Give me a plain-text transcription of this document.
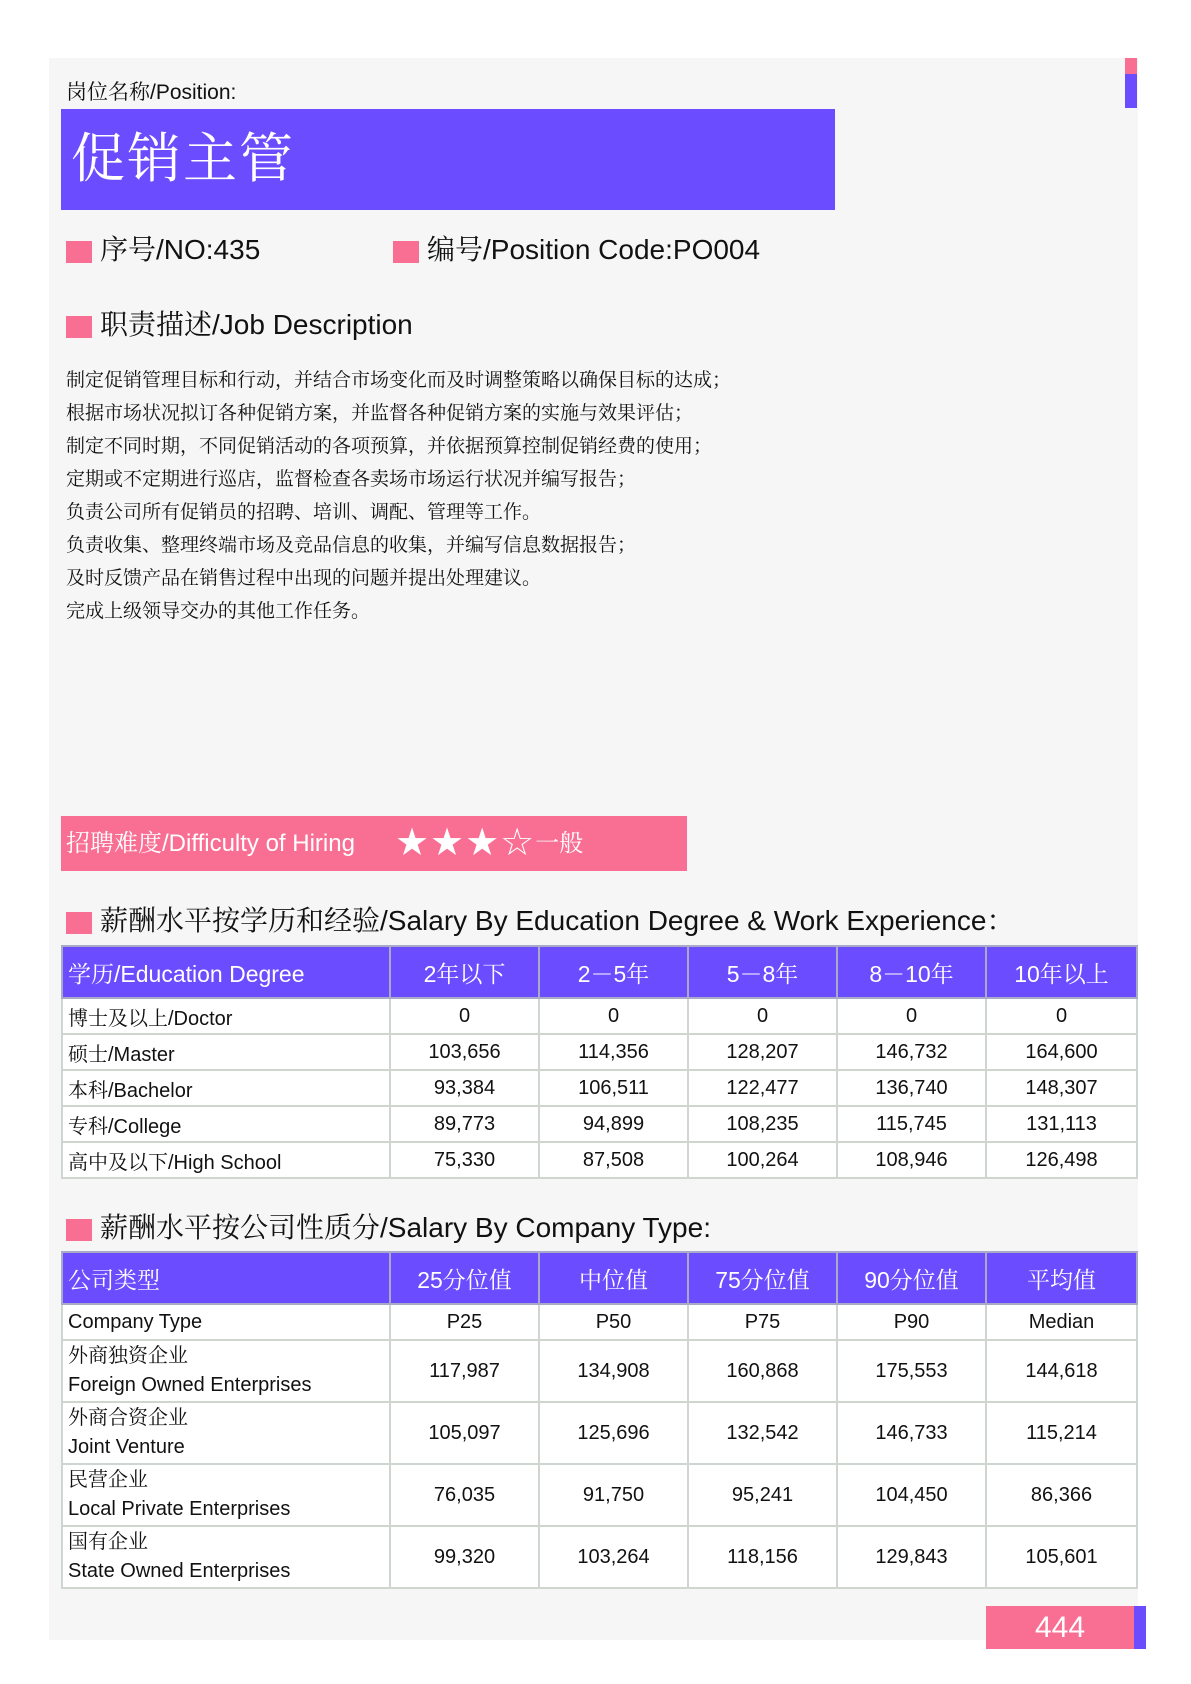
岗位名称/Position:
促销主管
序号/NO:435	编号/Position Code:PO004
职责描述/Job Description
制定促销管理目标和行动，并结合市场变化而及时调整策略以确保目标的达成；
根据市场状况拟订各种促销方案，并监督各种促销方案的实施与效果评估；
制定不同时期，不同促销活动的各项预算，并依据预算控制促销经费的使用；
定期或不定期进行巡店，监督检查各卖场市场运行状况并编写报告；
负责公司所有促销员的招聘、培训、调配、管理等工作。
负责收集、整理终端市场及竞品信息的收集，并编写信息数据报告；
及时反馈产品在销售过程中出现的问题并提出处理建议。
完成上级领导交办的其他工作任务。
招聘难度/Difficulty of Hiring ★★★☆一般
薪酬水平按学历和经验/Salary By Education Degree & Work Experience：
学历/Education Degree	2年以下	2－5年	5－8年	8－10年	10年以上
博士及以上/Doctor	0	0	0	0	0
硕士/Master	103,656	114,356	128,207	146,732	164,600
本科/Bachelor	93,384	106,511	122,477	136,740	148,307
专科/College	89,773	94,899	108,235	115,745	131,113
高中及以下/High School	75,330	87,508	100,264	108,946	126,498
薪酬水平按公司性质分/Salary By Company Type:
公司类型	25分位值	中位值	75分位值	90分位值	平均值
Company Type	P25	P50	P75	P90	Median

外商独资企业
Foreign Owned Enterprises	117,987	134,908	160,868	175,553	144,618

外商合资企业
Joint Venture	105,097	125,696	132,542	146,733	115,214

民营企业
Local Private Enterprises	76,035	91,750	95,241	104,450	86,366

国有企业
State Owned Enterprises	99,320	103,264	118,156	129,843	105,601
444
